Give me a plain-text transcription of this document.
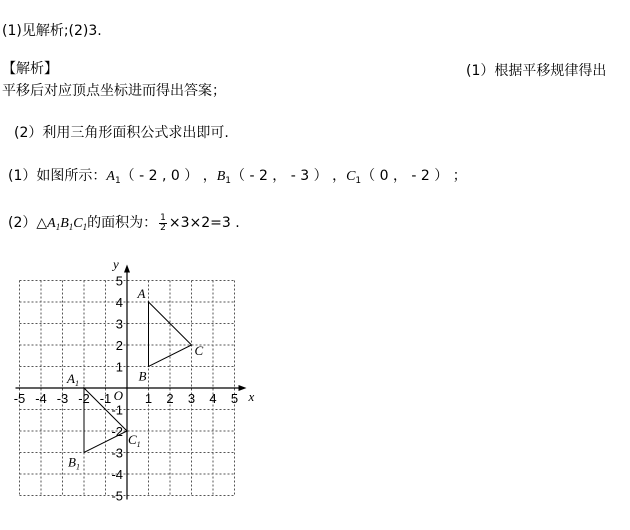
(1)见解析;(2)3.
【解析】	(1）根据平移规律得出
平移后对应顶点坐标进而得出答案；
(2）利用三角形面积公式求出即可.
(1）如图所示：$A_1( - 2$ , 0 ） ，$B_1( - 2$ ， - 3 ） ，$C_1$（ 0 ， - 2 ） ；
$(2)\triangle A_1B_1C_1$的面积为： $\frac{1}{2} \times 3\times 2=3$ .
-5 -4 -3 -2 -1	1 2 3 4 5
5
4
3
2
1
-1
-2
-3
-4
-5
O	x
y
A
B
C
$A_1$
$B_1$
$C_1$
